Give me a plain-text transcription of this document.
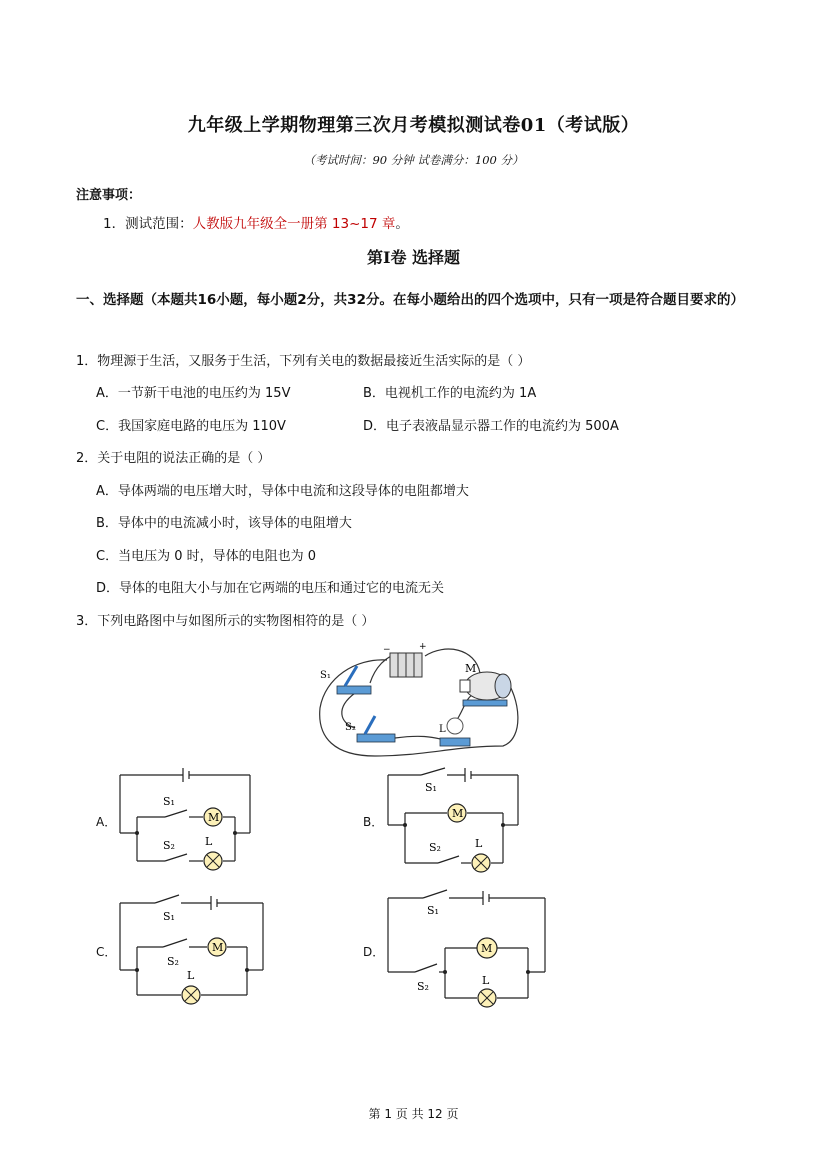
九年级上学期物理第三次月考模拟测试卷01（考试版）
（考试时间：90 分钟 试卷满分：100 分）
注意事项：
1．测试范围：人教版九年级全一册第 13~17 章。
第Ⅰ卷 选择题
一、选择题（本题共16小题，每小题2分，共32分。在每小题给出的四个选项中，只有一项是符合题目要求的）
1．物理源于生活，又服务于生活，下列有关电的数据最接近生活实际的是（ ）
A．一节新干电池的电压约为 15V	B．电视机工作的电流约为 1A
C．我国家庭电路的电压为 110V	D．电子表液晶显示器工作的电流约为 500A
2．关于电阻的说法正确的是（ ）
A．导体两端的电压增大时，导体中电流和这段导体的电阻都增大
B．导体中的电流减小时，该导体的电阻增大
C．当电压为 0 时，导体的电阻也为 0
D．导体的电阻大小与加在它两端的电压和通过它的电流无关
3．下列电路图中与如图所示的实物图相符的是（ ）
+
−
S₁
S₂
M
L
A．	M
S₁
S₂	L
B．
M
S₁
S₂	L
C．	M
S₁
S₂
L
D．	M
S₁
S₂	L
第 1 页 共 12 页
